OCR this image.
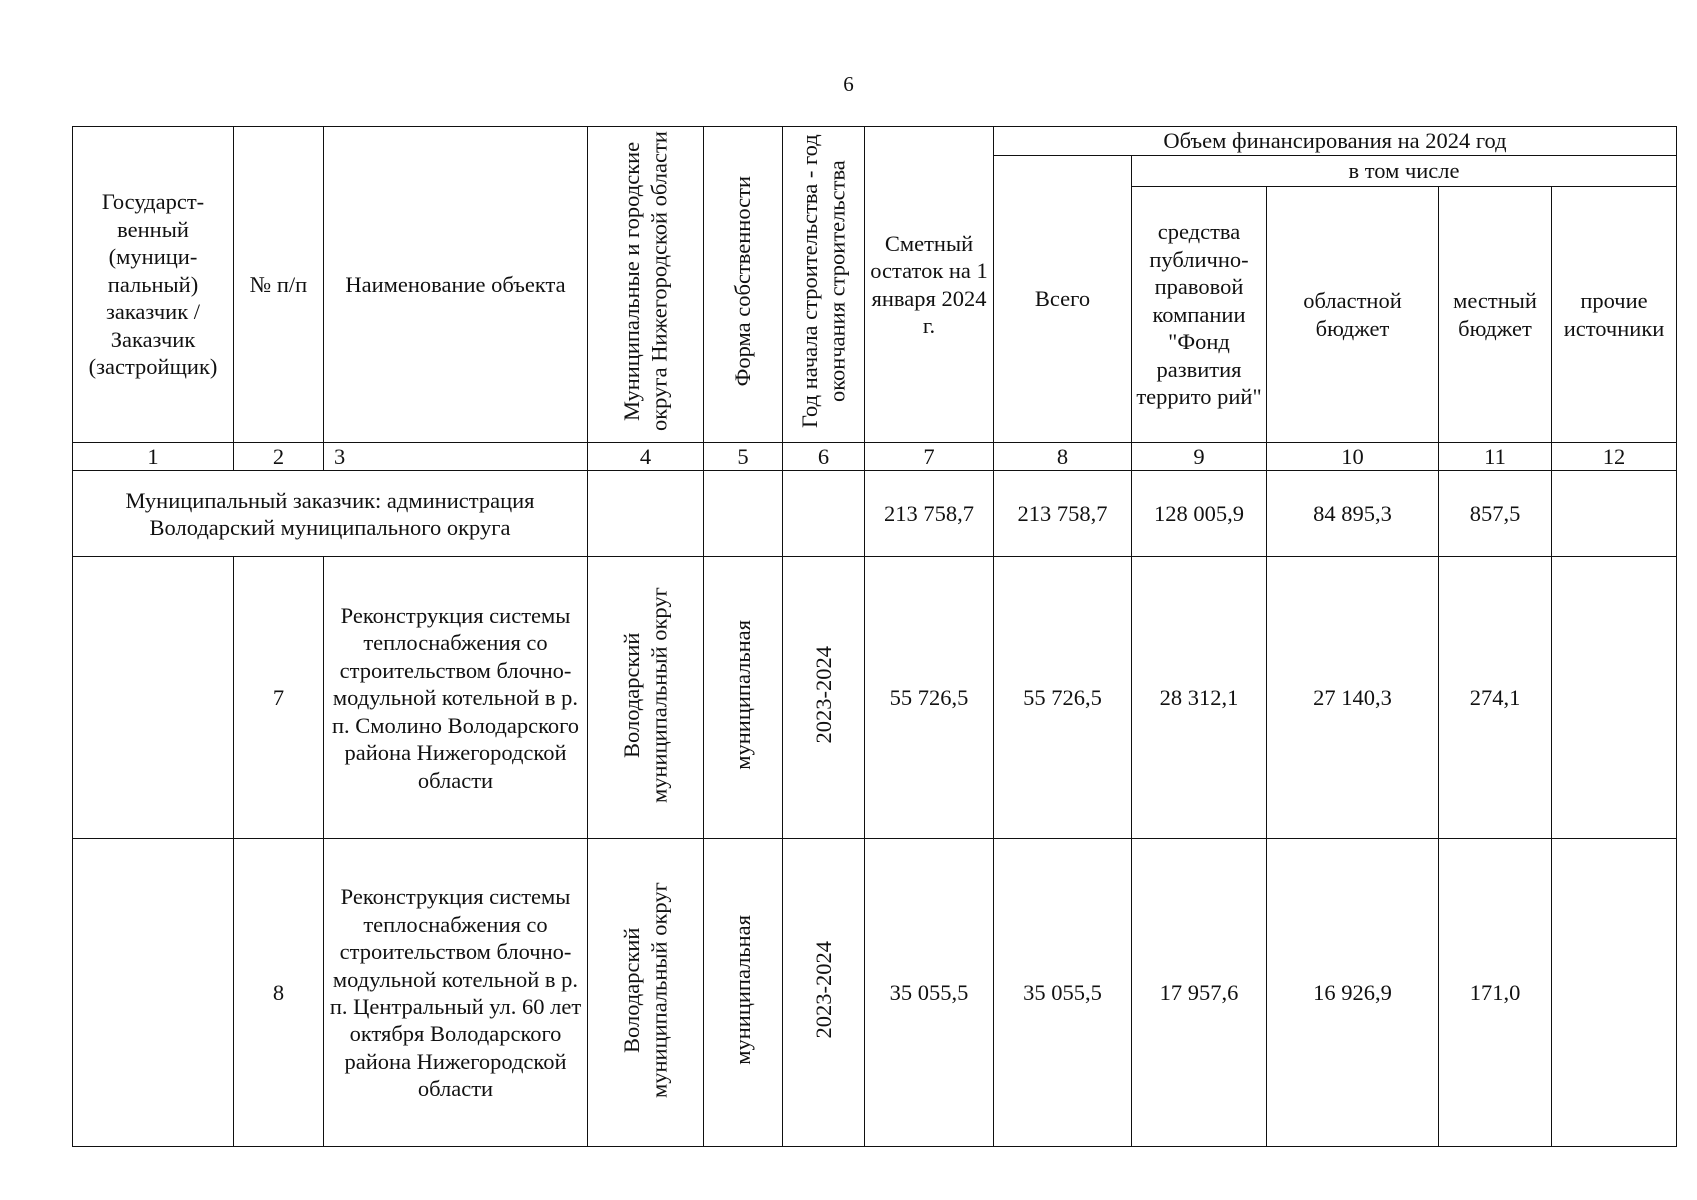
6
Государст-венный (муници-пальный) заказчик / Заказчик (застройщик)	№ п/п	Наименование объекта	Муниципальные и городские округа Нижегородской области	Форма собственности	Год начала строительства - год окончания строительства	Сметный остаток на 1 января 2024 г.	Объем финансирования на 2024 год				
							Всего	в том числе			
								средства публично-правовой компании "Фонд развития террито рий"	областной бюджет	местный бюджет	прочие источники
1	2	3	4	5	6	7	8	9	10	11	12
Муниципальный заказчик: администрация Володарский муниципального округа						213 758,7	213 758,7	128 005,9	84 895,3	857,5	
	7	Реконструкция системы теплоснабжения со строительством блочно-модульной котельной в р. п. Смолино Володарского района Нижегородской области	Володарский муниципальный округ	муниципальная	2023-2024	55 726,5	55 726,5	28 312,1	27 140,3	274,1	
	8	Реконструкция системы теплоснабжения со строительством блочно-модульной котельной в р. п. Центральный ул. 60 лет октября Володарского района Нижегородской области	Володарский муниципальный округ	муниципальная	2023-2024	35 055,5	35 055,5	17 957,6	16 926,9	171,0	
